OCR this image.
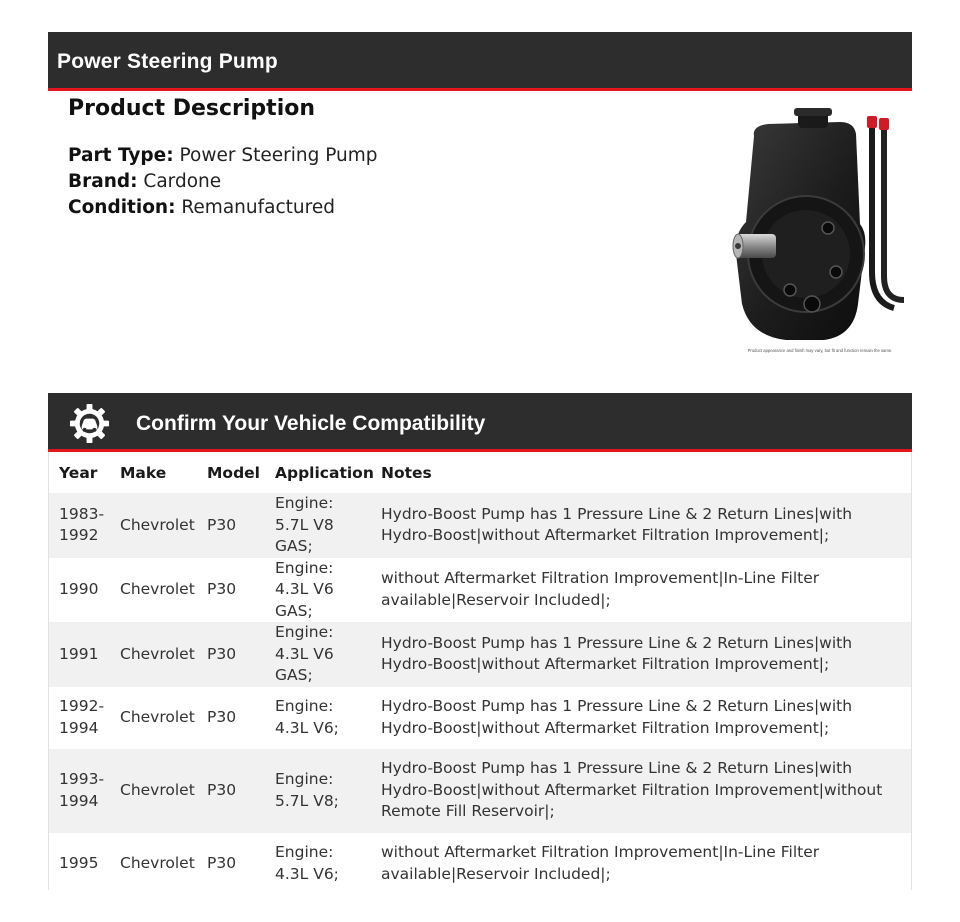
Power Steering Pump
Product Description
Part Type: Power Steering Pump
Brand: Cardone
Condition: Remanufactured
Product appearance and finish may vary, but fit and function remain the same.
Confirm Your Vehicle Compatibility
Year	Make	Model	Application	Notes
1983-1992	Chevrolet	P30	Engine: 5.7L V8 GAS;	Hydro-Boost Pump has 1 Pressure Line & 2 Return Lines|with Hydro-Boost|without Aftermarket Filtration Improvement|;
1990	Chevrolet	P30	Engine: 4.3L V6 GAS;	without Aftermarket Filtration Improvement|In-Line Filter available|Reservoir Included|;
1991	Chevrolet	P30	Engine: 4.3L V6 GAS;	Hydro-Boost Pump has 1 Pressure Line & 2 Return Lines|with Hydro-Boost|without Aftermarket Filtration Improvement|;
1992-1994	Chevrolet	P30	Engine: 4.3L V6;	Hydro-Boost Pump has 1 Pressure Line & 2 Return Lines|with Hydro-Boost|without Aftermarket Filtration Improvement|;
1993-1994	Chevrolet	P30	Engine: 5.7L V8;	Hydro-Boost Pump has 1 Pressure Line & 2 Return Lines|with Hydro-Boost|without Aftermarket Filtration Improvement|without Remote Fill Reservoir|;
1995	Chevrolet	P30	Engine: 4.3L V6;	without Aftermarket Filtration Improvement|In-Line Filter available|Reservoir Included|;
